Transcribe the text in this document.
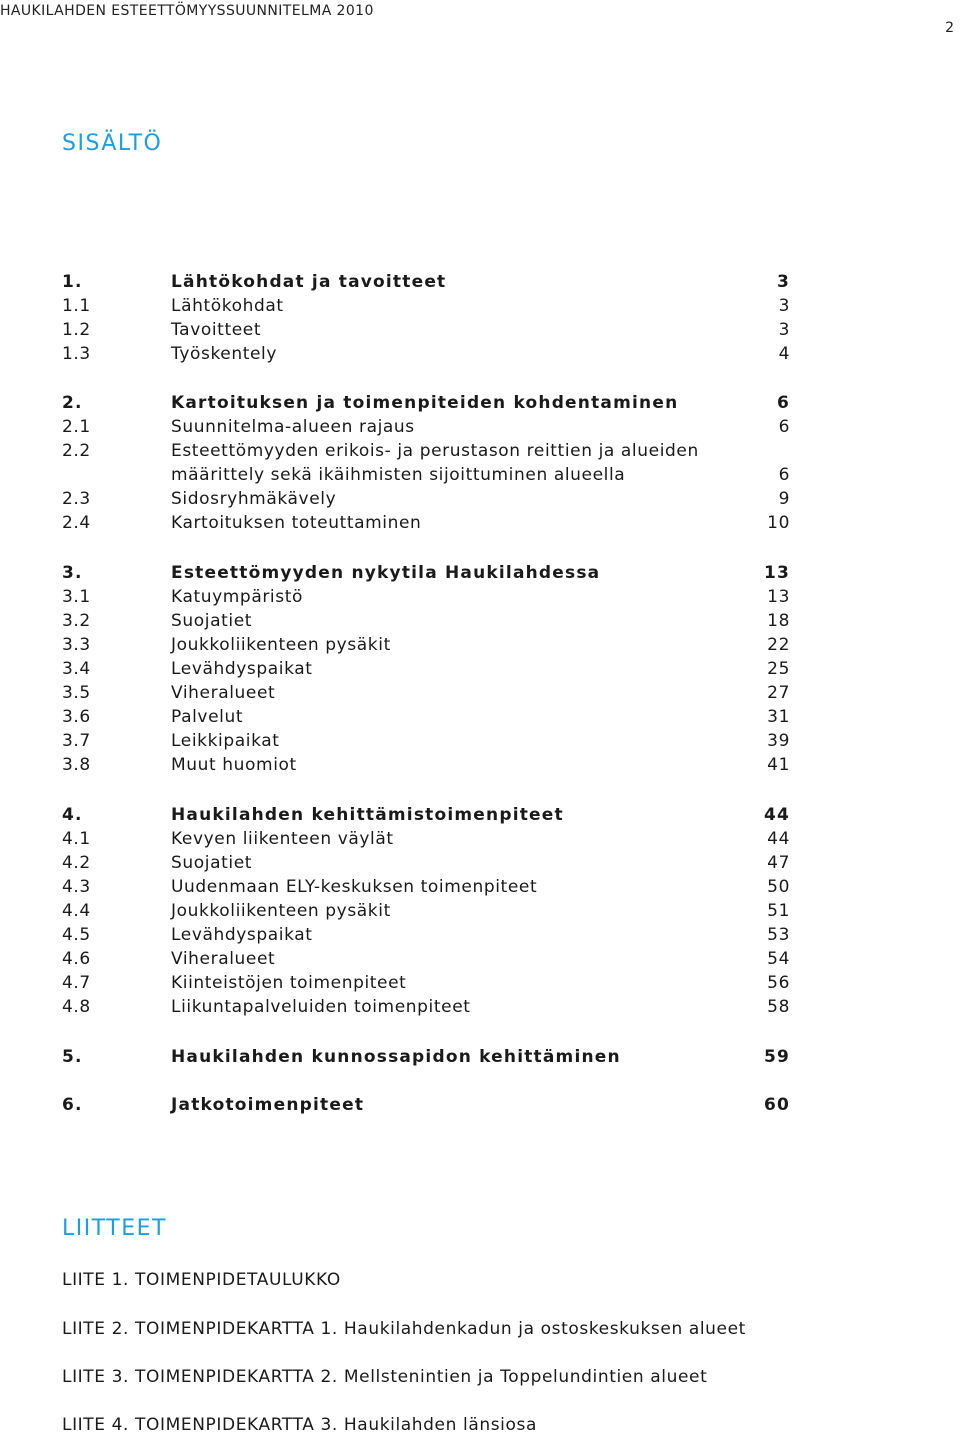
HAUKILAHDEN ESTEETTÖMYYSSUUNNITELMA 2010
2
SISÄLTÖ
1.	Lähtökohdat ja tavoitteet	3
1.1	Lähtökohdat	3
1.2	Tavoitteet	3
1.3	Työskentely	4
2.	Kartoituksen ja toimenpiteiden kohdentaminen	6
2.1	Suunnitelma-alueen rajaus	6
2.2	Esteettömyyden erikois- ja perustason reittien ja alueiden
määrittely sekä ikäihmisten sijoittuminen alueella	6
2.3	Sidosryhmäkävely	9
2.4	Kartoituksen toteuttaminen	10
3.	Esteettömyyden nykytila Haukilahdessa	13
3.1	Katuympäristö	13
3.2	Suojatiet	18
3.3	Joukkoliikenteen pysäkit	22
3.4	Levähdyspaikat	25
3.5	Viheralueet	27
3.6	Palvelut	31
3.7	Leikkipaikat	39
3.8	Muut huomiot	41
4.	Haukilahden kehittämistoimenpiteet	44
4.1	Kevyen liikenteen väylät	44
4.2	Suojatiet	47
4.3	Uudenmaan ELY-keskuksen toimenpiteet	50
4.4	Joukkoliikenteen pysäkit	51
4.5	Levähdyspaikat	53
4.6	Viheralueet	54
4.7	Kiinteistöjen toimenpiteet	56
4.8	Liikuntapalveluiden toimenpiteet	58
5.	Haukilahden kunnossapidon kehittäminen	59
6.	Jatkotoimenpiteet	60
LIITTEET
LIITE 1. TOIMENPIDETAULUKKO
LIITE 2. TOIMENPIDEKARTTA 1. Haukilahdenkadun ja ostoskeskuksen alueet
LIITE 3. TOIMENPIDEKARTTA 2. Mellstenintien ja Toppelundintien alueet
LIITE 4. TOIMENPIDEKARTTA 3. Haukilahden länsiosa
